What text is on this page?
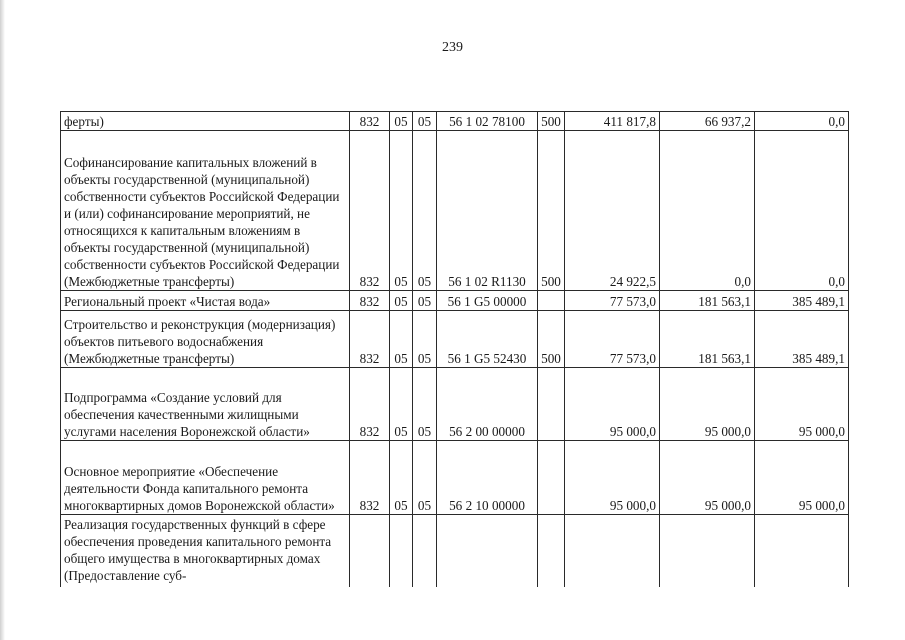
239
ферты)	832	05	05	56 1 02 78100	500	411 817,8	66 937,2	0,0
Софинансирование капитальных вложений в объекты государственной (муниципальной) собственности субъектов Российской Федерации и (или) софинансирование мероприятий, не относящихся к капитальным вложениям в объекты государственной (муниципальной) собственности субъектов Российской Федерации (Межбюджетные трансферты)	832	05	05	56 1 02 R1130	500	24 922,5	0,0	0,0
Региональный проект «Чистая вода»	832	05	05	56 1 G5 00000		77 573,0	181 563,1	385 489,1
Строительство и реконструкция (модернизация) объектов питьевого водоснабжения (Межбюджетные трансферты)	832	05	05	56 1 G5 52430	500	77 573,0	181 563,1	385 489,1
Подпрограмма «Создание условий для обеспечения качественными жилищными услугами населения Воронежской области»	832	05	05	56 2 00 00000		95 000,0	95 000,0	95 000,0
Основное мероприятие «Обеспечение деятельности Фонда капитального ремонта многоквартирных домов Воронежской области»	832	05	05	56 2 10 00000		95 000,0	95 000,0	95 000,0
Реализация государственных функций в сфере обеспечения проведения капитального ремонта общего имущества в многоквартирных домах (Предоставление суб-								
